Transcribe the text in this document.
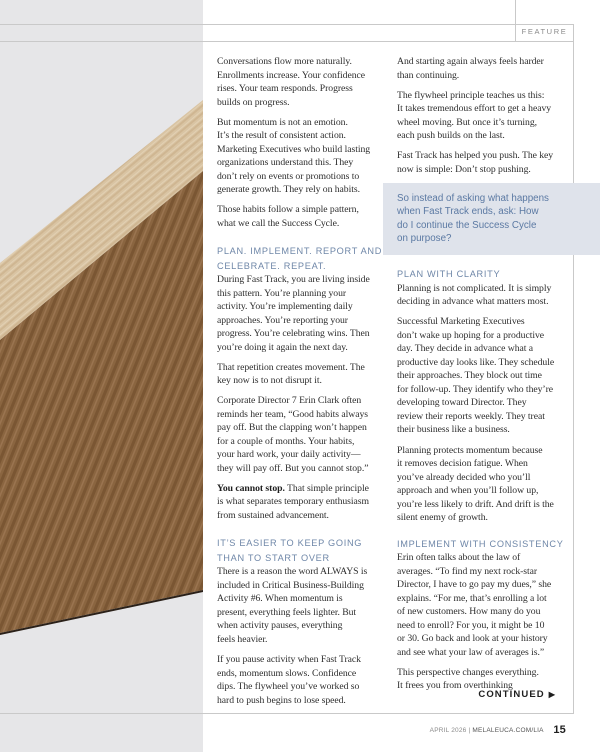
FEATURE

Conversations flow more naturally.
Enrollments increase. Your confidence
rises. Your team responds. Progress
builds on progress.

But momentum is not an emotion.
It’s the result of consistent action.
Marketing Executives who build lasting
organizations understand this. They
don’t rely on events or promotions to
generate growth. They rely on habits.

Those habits follow a simple pattern,
what we call the Success Cycle.

PLAN. IMPLEMENT. REPORT AND
CELEBRATE. REPEAT.

During Fast Track, you are living inside
this pattern. You’re planning your
activity. You’re implementing daily
approaches. You’re reporting your
progress. You’re celebrating wins. Then
you’re doing it again the next day.

That repetition creates movement. The
key now is to not disrupt it.

Corporate Director 7 Erin Clark often
reminds her team, “Good habits always
pay off. But the clapping won’t happen
for a couple of months. Your habits,
your hard work, your daily activity—
they will pay off. But you cannot stop.”

You cannot stop. That simple principle
is what separates temporary enthusiasm
from sustained advancement.

IT’S EASIER TO KEEP GOING
THAN TO START OVER

There is a reason the word ALWAYS is
included in Critical Business-Building
Activity #6. When momentum is
present, everything feels lighter. But
when activity pauses, everything
feels heavier.

If you pause activity when Fast Track
ends, momentum slows. Confidence
dips. The flywheel you’ve worked so
hard to push begins to lose speed.

And starting again always feels harder
than continuing.

The flywheel principle teaches us this:
It takes tremendous effort to get a heavy
wheel moving. But once it’s turning,
each push builds on the last.

Fast Track has helped you push. The key
now is simple: Don’t stop pushing.

So instead of asking what happens
when Fast Track ends, ask: How
do I continue the Success Cycle
on purpose?
PLAN WITH CLARITY

Planning is not complicated. It is simply
deciding in advance what matters most.

Successful Marketing Executives
don’t wake up hoping for a productive
day. They decide in advance what a
productive day looks like. They schedule
their approaches. They block out time
for follow-up. They identify who they’re
developing toward Director. They
review their reports weekly. They treat
their business like a business.

Planning protects momentum because
it removes decision fatigue. When
you’ve already decided who you’ll
approach and when you’ll follow up,
you’re less likely to drift. And drift is the
silent enemy of growth.

IMPLEMENT WITH CONSISTENCY

Erin often talks about the law of
averages. “To find my next rock-star
Director, I have to go pay my dues,” she
explains. “For me, that’s enrolling a lot
of new customers. How many do you
need to enroll? For you, it might be 10
or 30. Go back and look at your history
and see what your law of averages is.”

This perspective changes everything.
It frees you from overthinking

CONTINUED ▶
APRIL 2026 | MELALEUCA.COM/LIA 15
